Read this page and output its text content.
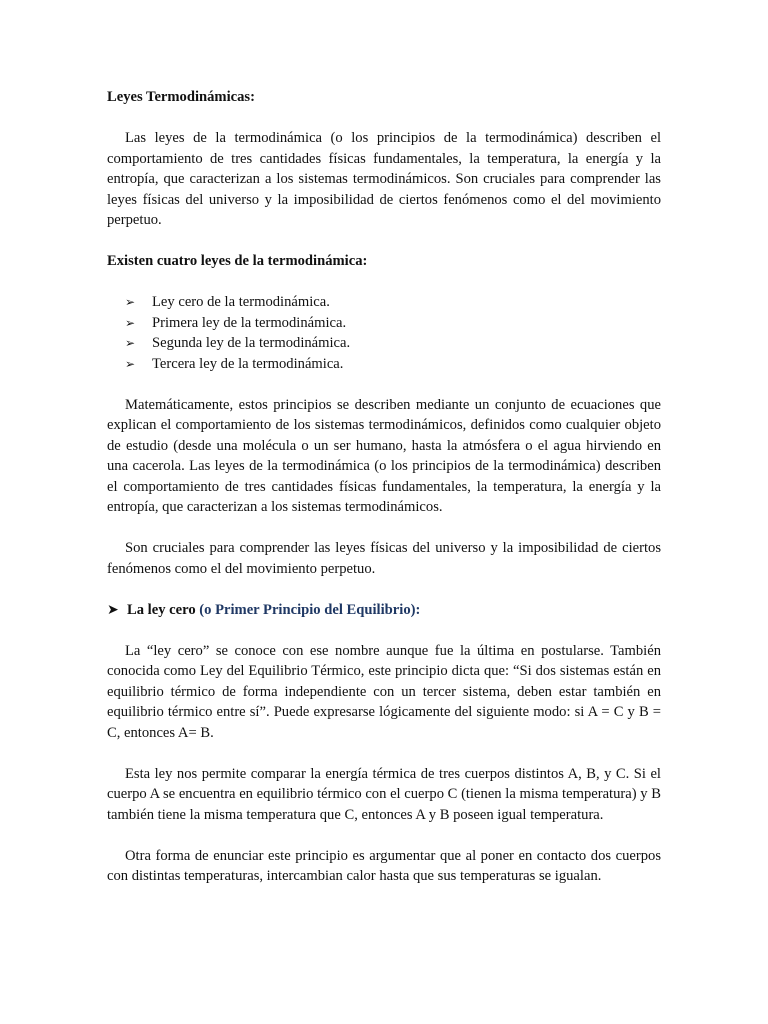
Leyes Termodinámicas:

Las leyes de la termodinámica (o los principios de la termodinámica) describen el comportamiento de tres cantidades físicas fundamentales, la temperatura, la energía y la entropía, que caracterizan a los sistemas termodinámicos. Son cruciales para comprender las leyes físicas del universo y la imposibilidad de ciertos fenómenos como el del movimiento perpetuo.

Existen cuatro leyes de la termodinámica:
➢ Ley cero de la termodinámica.
➢ Primera ley de la termodinámica.
➢ Segunda ley de la termodinámica.
➢ Tercera ley de la termodinámica.

Matemáticamente, estos principios se describen mediante un conjunto de ecuaciones que explican el comportamiento de los sistemas termodinámicos, definidos como cualquier objeto de estudio (desde una molécula o un ser humano, hasta la atmósfera o el agua hirviendo en una cacerola. Las leyes de la termodinámica (o los principios de la termodinámica) describen el comportamiento de tres cantidades físicas fundamentales, la temperatura, la energía y la entropía, que caracterizan a los sistemas termodinámicos.

Son cruciales para comprender las leyes físicas del universo y la imposibilidad de ciertos fenómenos como el del movimiento perpetuo.

➤ La ley cero (o Primer Principio del Equilibrio):

La “ley cero” se conoce con ese nombre aunque fue la última en postularse. También conocida como Ley del Equilibrio Térmico, este principio dicta que: “Si dos sistemas están en equilibrio térmico de forma independiente con un tercer sistema, deben estar también en equilibrio térmico entre sí”. Puede expresarse lógicamente del siguiente modo: si A = C y B = C, entonces A= B.

Esta ley nos permite comparar la energía térmica de tres cuerpos distintos A, B, y C. Si el cuerpo A se encuentra en equilibrio térmico con el cuerpo C (tienen la misma temperatura) y B también tiene la misma temperatura que C, entonces A y B poseen igual temperatura.

Otra forma de enunciar este principio es argumentar que al poner en contacto dos cuerpos con distintas temperaturas, intercambian calor hasta que sus temperaturas se igualan.
